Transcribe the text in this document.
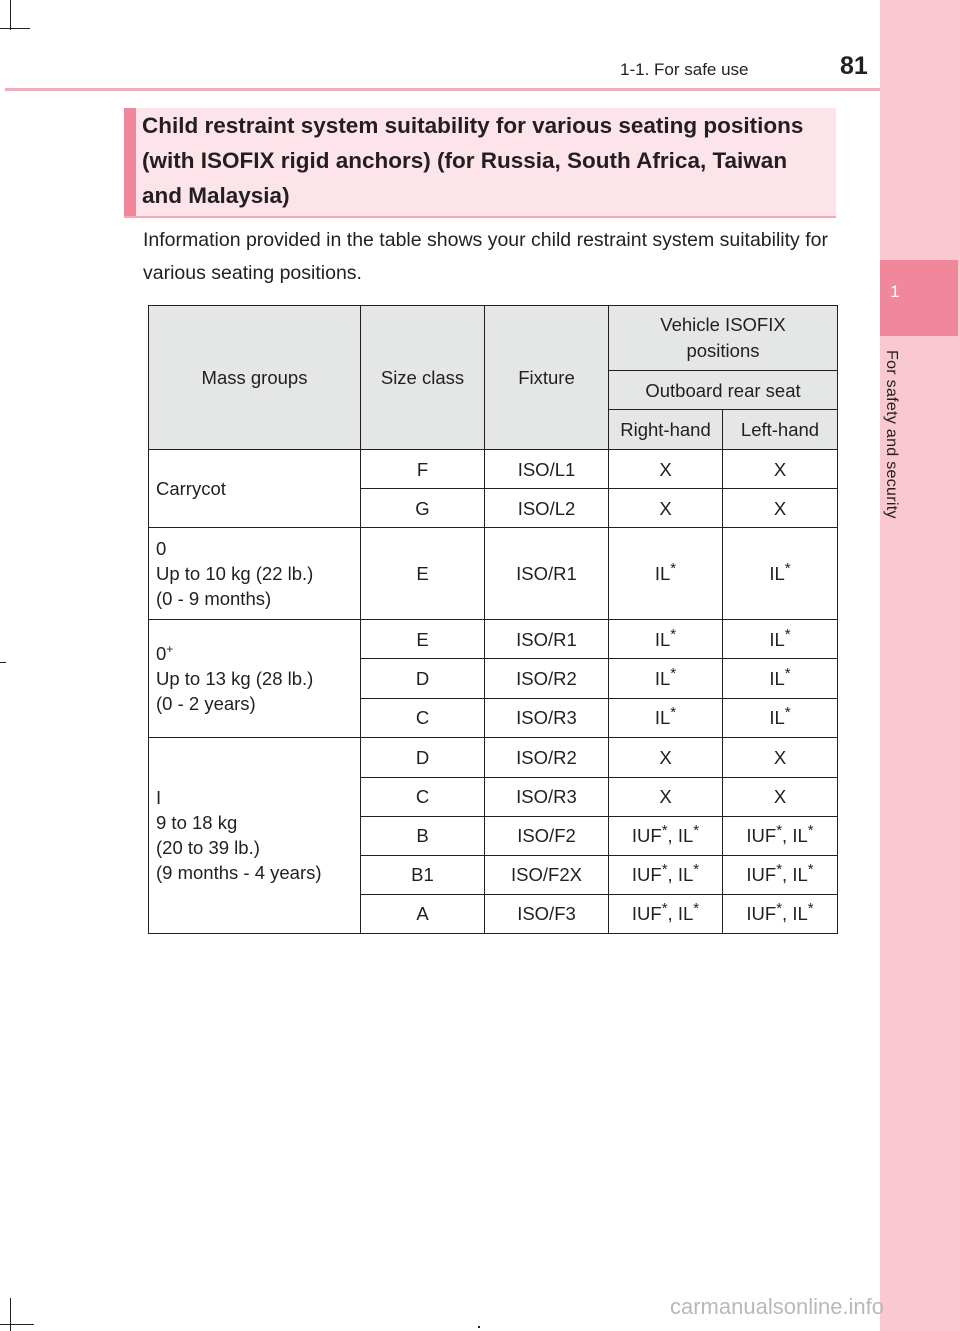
1
For safety and security
1-1. For safe use	81
Child restraint system suitability for various seating positions (with ISOFIX rigid anchors) (for Russia, South Africa, Taiwan and Malaysia)
Information provided in the table shows your child restraint system suitability for various seating positions.
Mass groups	Size class	Fixture	Vehicle ISOFIX positions	

			Outboard rear seat	
			Right-hand	Left-hand
Carrycot	F	ISO/L1	X	X
	G	ISO/L2	X	X

0
Up to 10 kg (22 lb.)
(0 - 9 months)	E	ISO/R1	IL*	IL*

0+
Up to 13 kg (28 lb.)
(0 - 2 years)	E	ISO/R1	IL*	IL*
	D	ISO/R2	IL*	IL*
	C	ISO/R3	IL*	IL*

I
9 to 18 kg
(20 to 39 lb.)
(9 months - 4 years)	D	ISO/R2	X	X
	C	ISO/R3	X	X
	B	ISO/F2	IUF*, IL*	IUF*, IL*
	B1	ISO/F2X	IUF*, IL*	IUF*, IL*
	A	ISO/F3	IUF*, IL*	IUF*, IL*
carmanualsonline.info
